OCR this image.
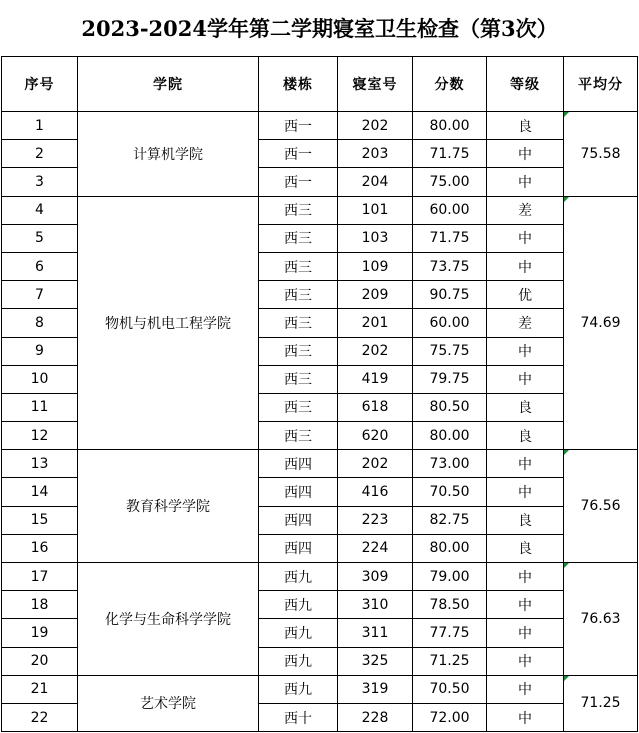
2023-2024学年第二学期寝室卫生检查（第3次）
序号	学院	楼栋	寝室号	分数	等级	平均分
1	计算机学院	西一	202	80.00	良	75.58
2		西一	203	71.75	中	
3		西一	204	75.00	中	
4	物机与机电工程学院	西三	101	60.00	差	74.69
5		西三	103	71.75	中	
6		西三	109	73.75	中	
7		西三	209	90.75	优	
8		西三	201	60.00	差	
9		西三	202	75.75	中	
10		西三	419	79.75	中	
11		西三	618	80.50	良	
12		西三	620	80.00	良	
13	教育科学学院	西四	202	73.00	中	76.56
14		西四	416	70.50	中	
15		西四	223	82.75	良	
16		西四	224	80.00	良	
17	化学与生命科学学院	西九	309	79.00	中	76.63
18		西九	310	78.50	中	
19		西九	311	77.75	中	
20		西九	325	71.25	中	
21	艺术学院	西九	319	70.50	中	71.25
22		西十	228	72.00	中	
